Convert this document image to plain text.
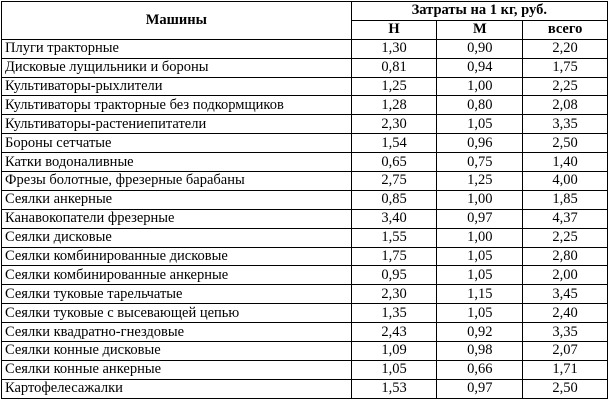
Машины	Затраты на 1 кг, руб.		
	Н	М	всего
Плуги тракторные	1,30	0,90	2,20
Дисковые лущильники и бороны	0,81	0,94	1,75
Культиваторы-рыхлители	1,25	1,00	2,25
Культиваторы тракторные без подкормщиков	1,28	0,80	2,08
Культиваторы-растениепитатели	2,30	1,05	3,35
Бороны сетчатые	1,54	0,96	2,50
Катки водоналивные	0,65	0,75	1,40
Фрезы болотные, фрезерные барабаны	2,75	1,25	4,00
Сеялки анкерные	0,85	1,00	1,85
Канавокопатели фрезерные	3,40	0,97	4,37
Сеялки дисковые	1,55	1,00	2,25
Сеялки комбинированные дисковые	1,75	1,05	2,80
Сеялки комбинированные анкерные	0,95	1,05	2,00
Сеялки туковые тарельчатые	2,30	1,15	3,45
Сеялки туковые с высевающей цепью	1,35	1,05	2,40
Сеялки квадратно-гнездовые	2,43	0,92	3,35
Сеялки конные дисковые	1,09	0,98	2,07
Сеялки конные анкерные	1,05	0,66	1,71
Картофелесажалки	1,53	0,97	2,50
